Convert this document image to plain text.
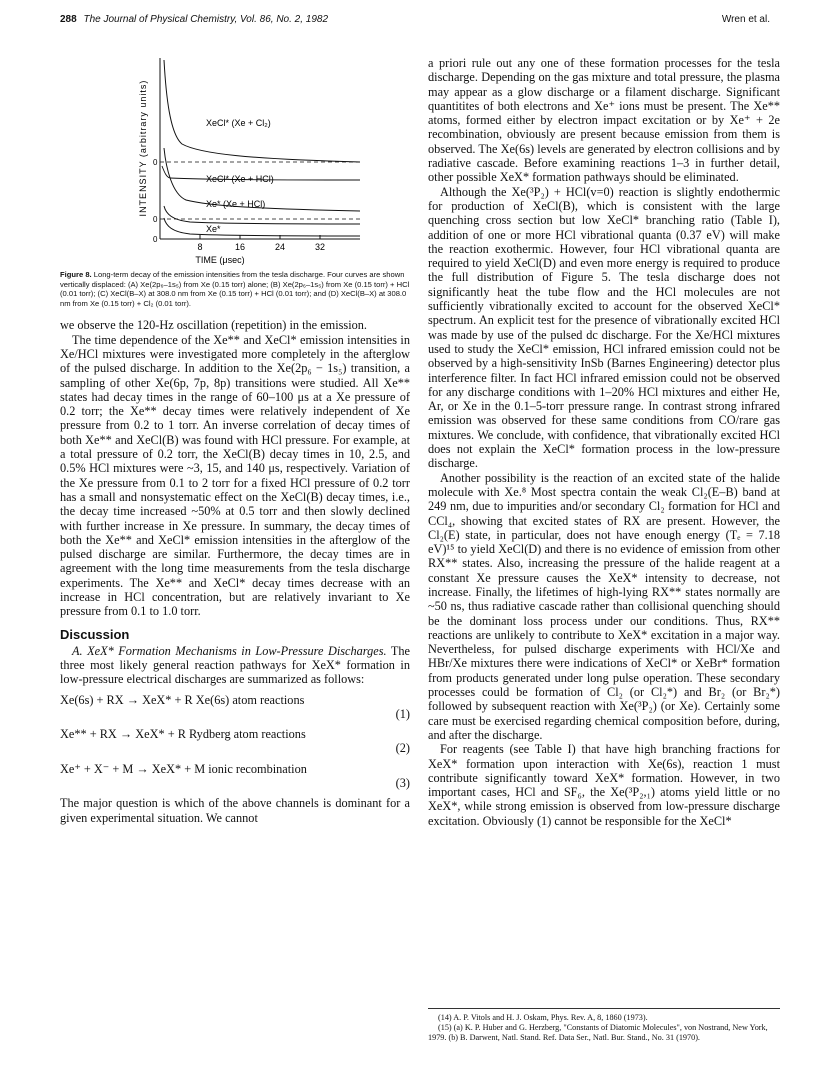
288 The Journal of Physical Chemistry, Vol. 86, No. 2, 1982	Wren et al.
8	16	24	32
TIME (μsec)
INTENSITY (arbitrary units) 0
0
0
XeCl* (Xe + Cl₂)
XeCl* (Xe + HCl)
Xe* (Xe + HCl)
Xe*
Figure 8. Long-term decay of the emission intensities from the tesla discharge. Four curves are shown vertically displaced: (A) Xe(2p₆–1s₅) from Xe (0.15 torr) alone; (B) Xe(2p₆–1s₅) from Xe (0.15 torr) + HCl (0.01 torr); (C) XeCl(B–X) at 308.0 nm from Xe (0.15 torr) + HCl (0.01 torr); and (D) XeCl(B–X) at 308.0 nm from Xe (0.15 torr) + Cl₂ (0.01 torr).

we observe the 120-Hz oscillation (repetition) in the emission.

The time dependence of the Xe** and XeCl* emission intensities in Xe/HCl mixtures were investigated more completely in the afterglow of the pulsed discharge. In addition to the Xe(2p₆ − 1s₅) transition, a sampling of other Xe(6p, 7p, 8p) transitions were studied. All Xe** states had decay times in the range of 60–100 μs at a Xe pressure of 0.2 torr; the Xe** decay times were relatively independent of Xe pressure from 0.2 to 1 torr. An inverse correlation of decay times of both Xe** and XeCl(B) was found with HCl pressure. For example, at a total pressure of 0.2 torr, the XeCl(B) decay times in 10, 2.5, and 0.5% HCl mixtures were ~3, 15, and 140 μs, respectively. Variation of the Xe pressure from 0.1 to 2 torr for a fixed HCl pressure of 0.2 torr has a small and nonsystematic effect on the XeCl(B) decay times, i.e., the decay time increased ~50% at 0.5 torr and then slowly declined with further increase in Xe pressure. In summary, the decay times of both the Xe** and XeCl* emission intensities in the afterglow of the pulsed discharge are similar. Furthermore, the decay times are in agreement with the long time measurements from the tesla discharge experiments. The Xe** and XeCl* decay times decrease with an increase in HCl concentration, but are relatively invariant to Xe pressure from 0.1 to 1.0 torr.

Discussion

A. XeX* Formation Mechanisms in Low-Pressure Discharges. The three most likely general reaction pathways for XeX* formation in low-pressure electrical discharges are summarized as follows:

Xe(6s) + RX → XeX* + R Xe(6s) atom reactions
(1)
Xe** + RX → XeX* + R Rydberg atom reactions
(2)
Xe⁺ + X⁻ + M → XeX* + M ionic recombination
(3)

The major question is which of the above channels is dominant for a given experimental situation. We cannot

a priori rule out any one of these formation processes for the tesla discharge. Depending on the gas mixture and total pressure, the plasma may appear as a glow discharge or a filament discharge. Significant quantitites of both electrons and Xe⁺ ions must be present. The Xe** atoms, formed either by electron impact excitation or by Xe⁺ + 2e recombination, obviously are present because emission from them is observed. The Xe(6s) levels are generated by electron collisions and by radiative cascade. Before examining reactions 1–3 in further detail, other possible XeX* formation pathways should be eliminated.

Although the Xe(³P₂) + HCl(v=0) reaction is slightly endothermic for production of XeCl(B), which is consistent with the large quenching cross section but low XeCl* branching ratio (Table I), addition of one or more HCl vibrational quanta (0.37 eV) will make the reaction exothermic. However, four HCl vibrational quanta are required to yield XeCl(D) and even more energy is required to produce the full distribution of Figure 5. The tesla discharge does not significantly heat the tube flow and the HCl molecules are not sufficiently vibrationally excited to account for the observed XeCl* spectrum. An explicit test for the presence of vibrationally excited HCl was made by use of the pulsed dc discharge. For the Xe/HCl mixtures used to study the XeCl* emission, HCl infrared emission could not be observed by a high-sensitivity InSb (Barnes Engineering) detector plus interference filter. In fact HCl infrared emission could not be observed for any discharge conditions with 1–20% HCl mixtures and either He, Ar, or Xe in the 0.1–5-torr pressure range. In contrast strong infrared emission was observed for these same conditions from CO/rare gas mixtures. We conclude, with confidence, that vibrationally excited HCl does not explain the XeCl* formation process in the low-pressure discharge.

Another possibility is the reaction of an excited state of the halide molecule with Xe.⁸ Most spectra contain the weak Cl₂(E–B) band at 249 nm, due to impurities and/or secondary Cl₂ formation for HCl and CCl₄, showing that excited states of RX are present. However, the Cl₂(E) state, in particular, does not have enough energy (Tₑ = 7.18 eV)¹⁵ to yield XeCl(D) and there is no evidence of emission from other RX** states. Also, increasing the pressure of the halide reagent at a constant Xe pressure causes the XeX* intensity to decrease, not increase. Finally, the lifetimes of high-lying RX** states normally are ~50 ns, thus radiative cascade rather than collisional quenching should be the dominant loss process under our conditions. Thus, RX** reactions are unlikely to contribute to XeX* excitation in a major way. Nevertheless, for pulsed discharge experiments with HCl/Xe and HBr/Xe mixtures there were indications of XeCl* or XeBr* formation from products generated under long pulse operation. These secondary processes could be formation of Cl₂ (or Cl₂*) and Br₂ (or Br₂*) followed by subsequent reaction with Xe(³P₂) (or Xe). Certainly some care must be exercised regarding chemical composition before, during, and after the discharge.

For reagents (see Table I) that have high branching fractions for XeX* formation upon interaction with Xe(6s), reaction 1 must contribute significantly toward XeX* formation. However, in two important cases, HCl and SF₆, the Xe(³P₂,₁) atoms yield little or no XeX*, while strong emission is observed from low-pressure discharge excitation. Obviously (1) cannot be responsible for the XeCl*

(14) A. P. Vitols and H. J. Oskam, Phys. Rev. A, 8, 1860 (1973).
(15) (a) K. P. Huber and G. Herzberg, "Constants of Diatomic Molecules", von Nostrand, New York, 1979. (b) B. Darwent, Natl. Stand. Ref. Data Ser., Natl. Bur. Stand., No. 31 (1970).
